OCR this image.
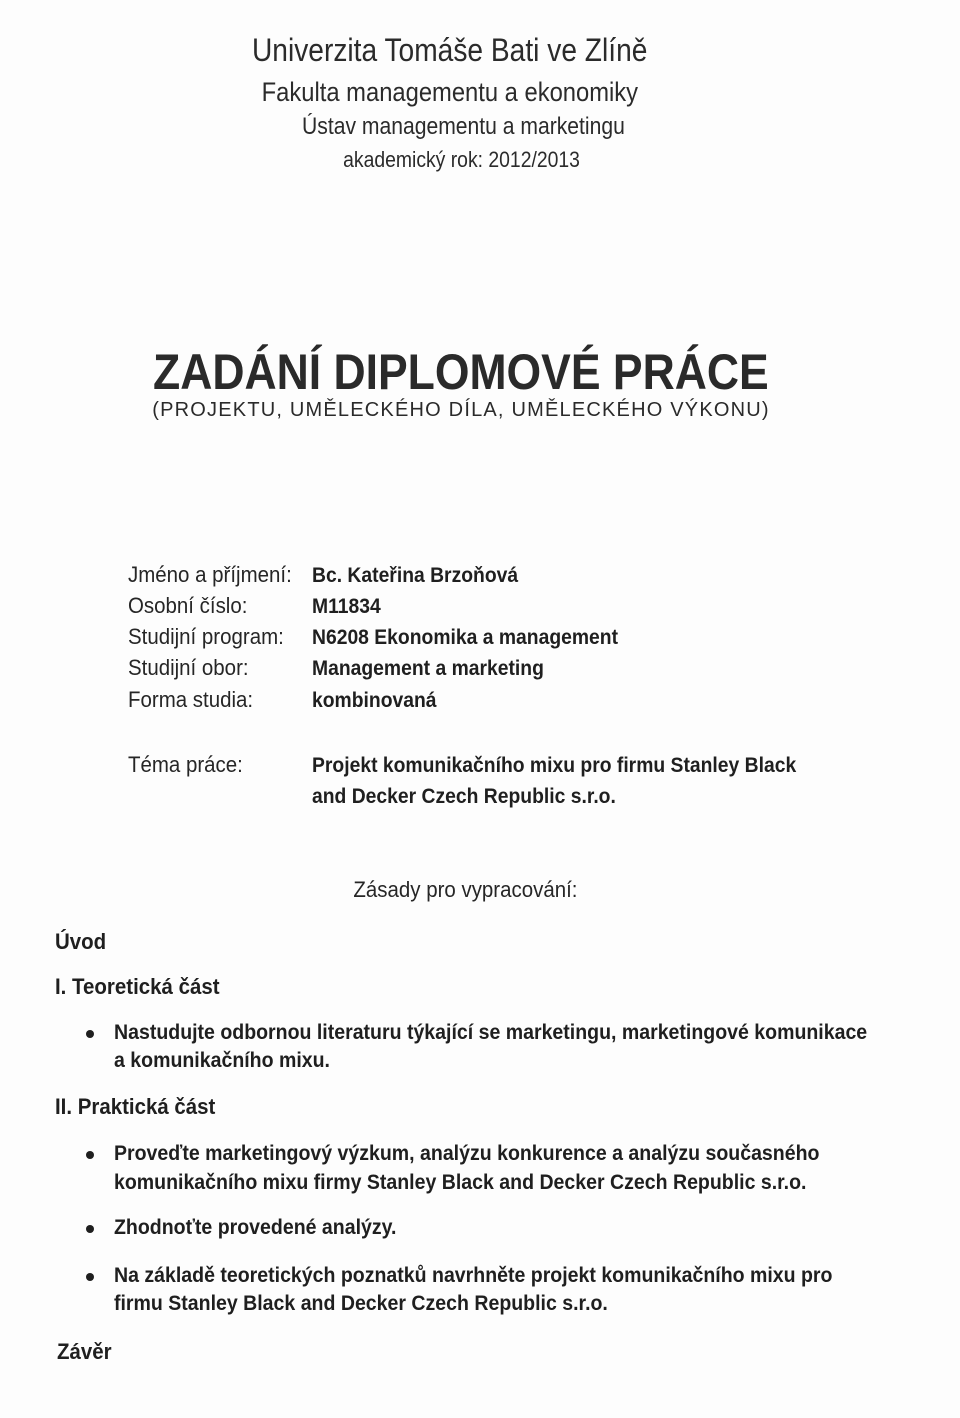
Univerzita Tomáše Bati ve Zlíně
Fakulta managementu a ekonomiky
Ústav managementu a marketingu
akademický rok: 2012/2013
ZADÁNÍ DIPLOMOVÉ PRÁCE
(PROJEKTU, UMĚLECKÉHO DÍLA, UMĚLECKÉHO VÝKONU)
Jméno a příjmení: Bc. Kateřina Brzoňová
Osobní číslo:	M11834
Studijní program: N6208 Ekonomika a management
Studijní obor:	Management a marketing
Forma studia:	kombinovaná
Téma práce:	Projekt komunikačního mixu pro firmu Stanley Black
and Decker Czech Republic s.r.o.
Zásady pro vypracování:
Úvod
I. Teoretická část
Nastudujte odbornou literaturu týkající se marketingu, marketingové komunikace
a komunikačního mixu.
II. Praktická část
Proveďte marketingový výzkum, analýzu konkurence a analýzu současného
komunikačního mixu firmy Stanley Black and Decker Czech Republic s.r.o.
Zhodnoťte provedené analýzy.
Na základě teoretických poznatků navrhněte projekt komunikačního mixu pro
firmu Stanley Black and Decker Czech Republic s.r.o.
Závěr
